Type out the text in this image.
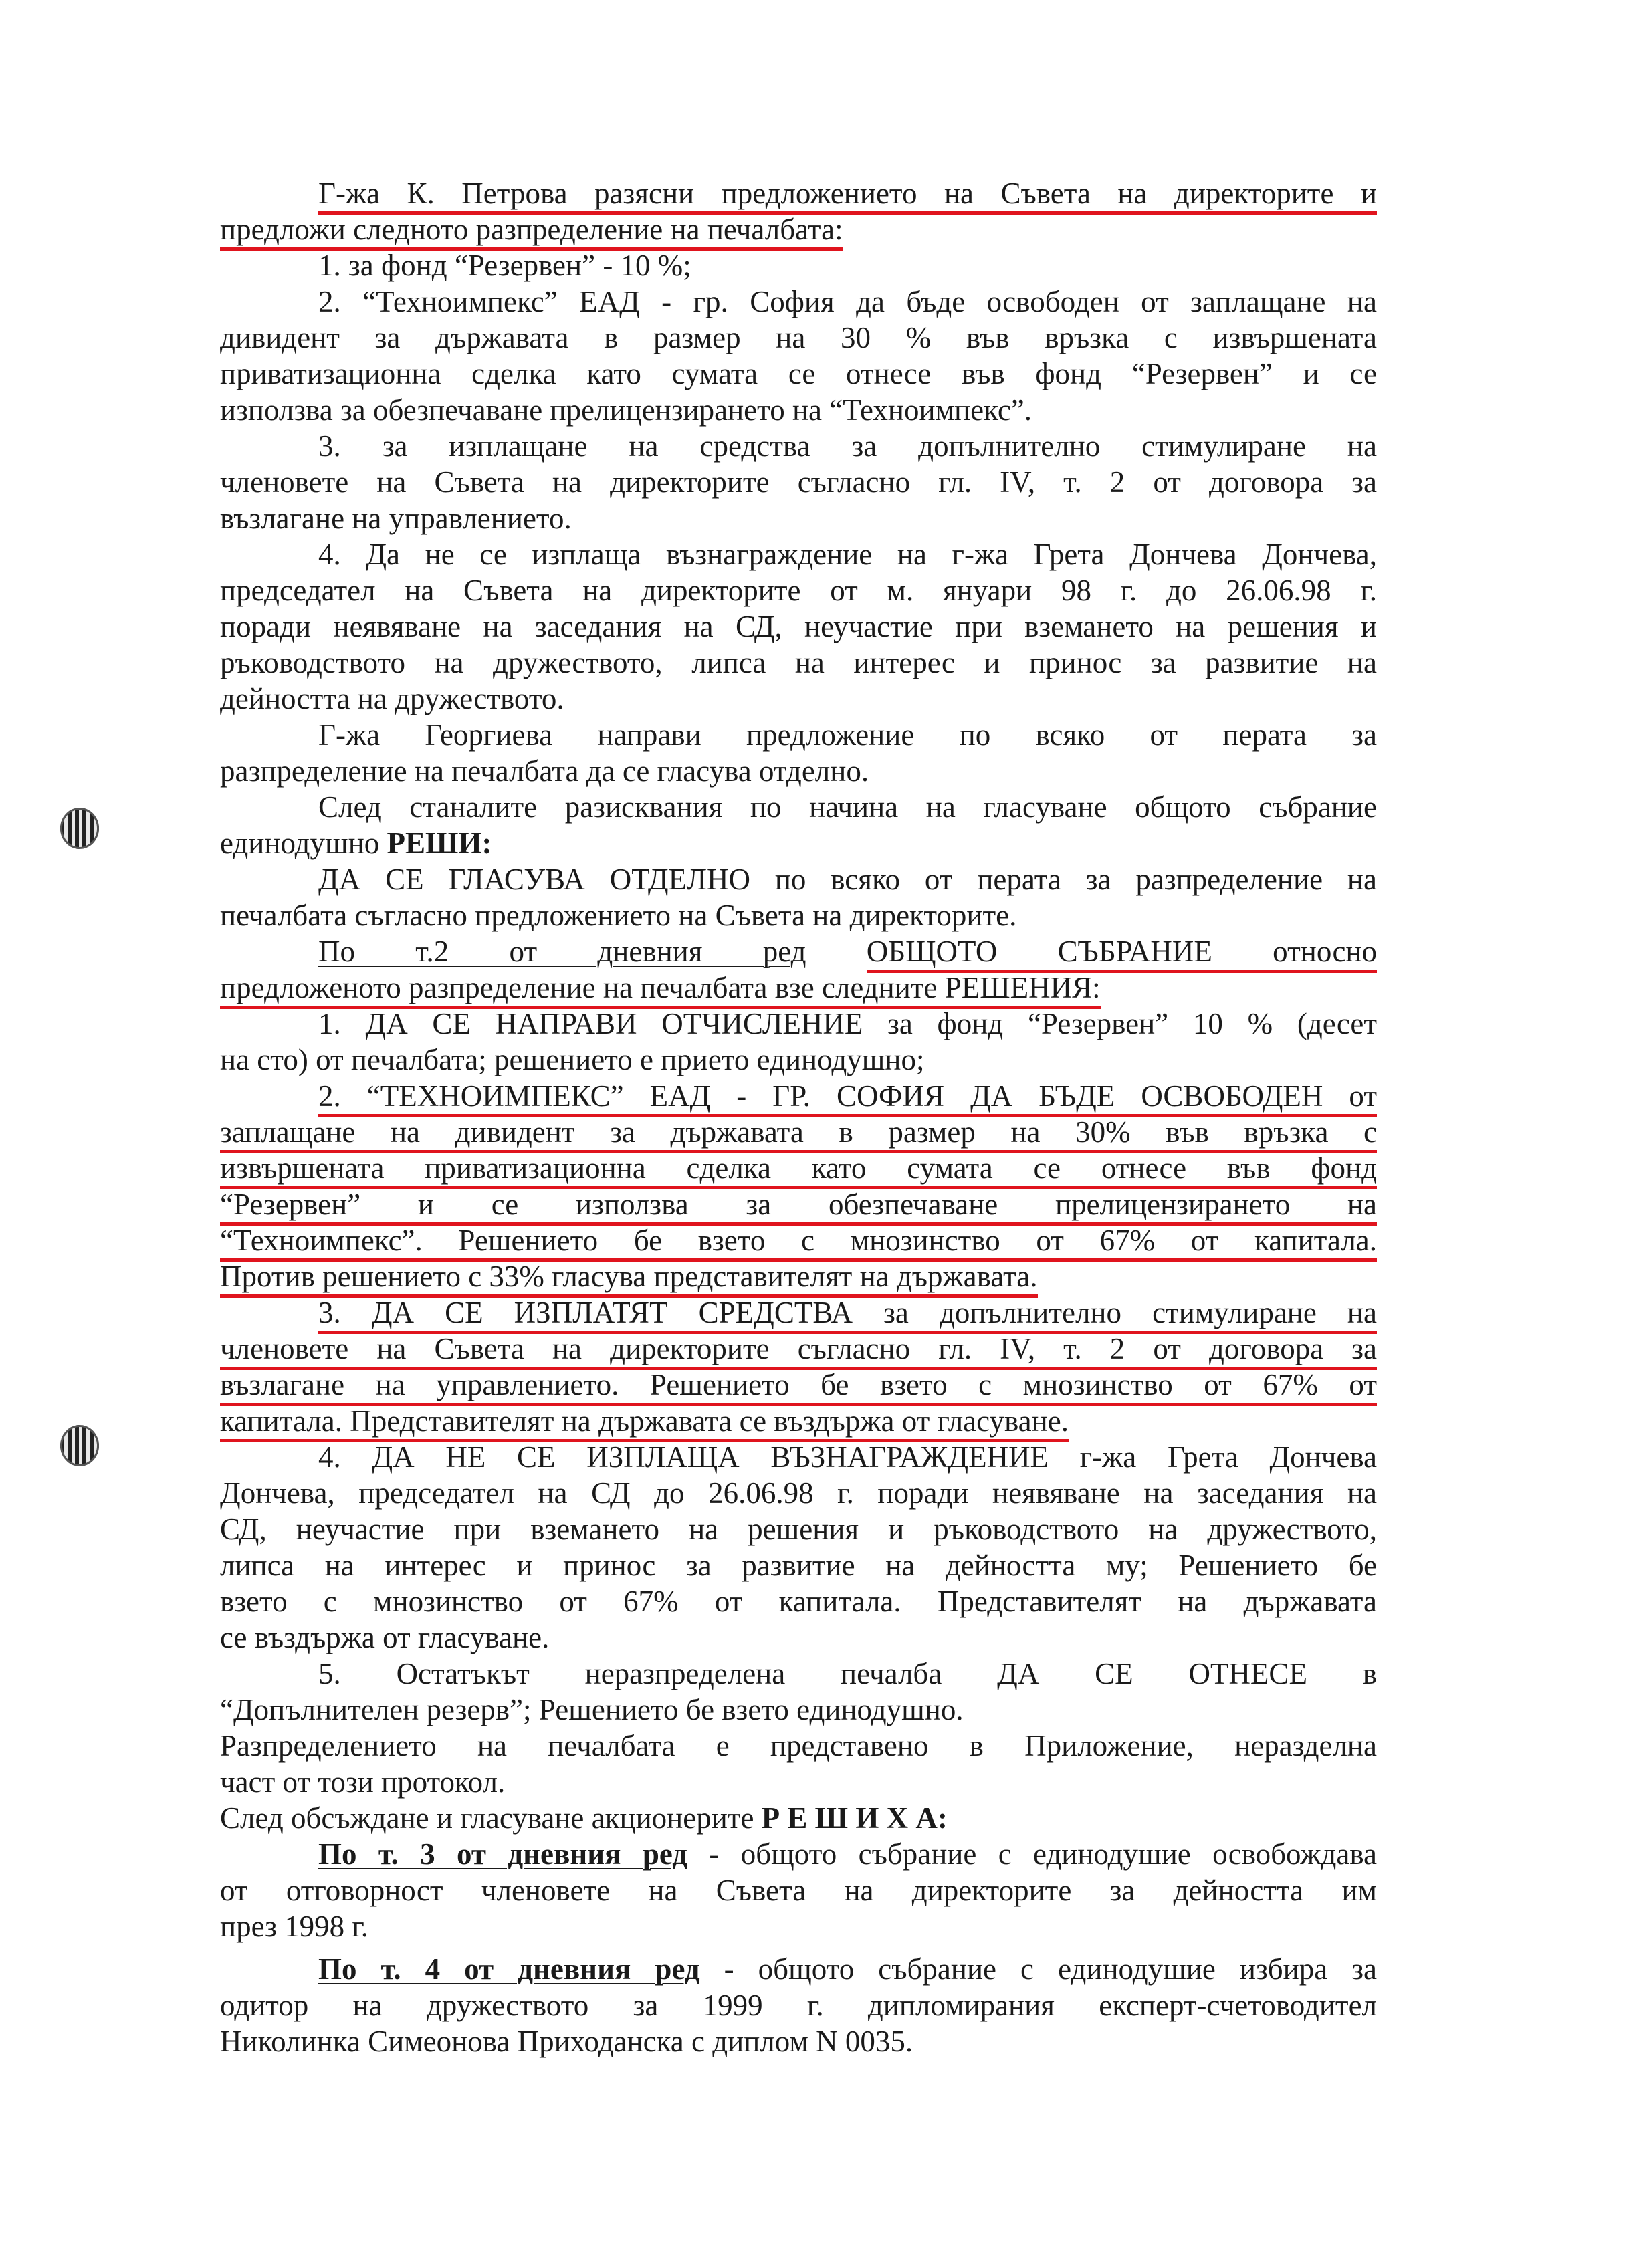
Г-жа К. Петрова разясни предложението на Съвета на директорите и
предложи следното разпределение на печалбата:
1. за фонд “Резервен” - 10 %;
2. “Техноимпекс” ЕАД - гр. София да бъде освободен от заплащане на
дивидент за държавата в размер на 30 % във връзка с извършената
приватизационна сделка като сумата се отнесе във фонд “Резервен” и се
използва за обезпечаване прелицензирането на “Техноимпекс”.
3. за изплащане на средства за допълнително стимулиране на
членовете на Съвета на директорите съгласно гл. IV, т. 2 от договора за
възлагане на управлението.
4. Да не се изплаща възнаграждение на г-жа Грета Дончева Дончева,
председател на Съвета на директорите от м. януари 98 г. до 26.06.98 г.
поради неявяване на заседания на СД, неучастие при вземането на решения и
ръководството на дружеството, липса на интерес и принос за развитие на
дейността на дружеството.
Г-жа Георгиева направи предложение по всяко от перата за
разпределение на печалбата да се гласува отделно.
След станалите разисквания по начина на гласуване общото събрание
единодушно РЕШИ:
ДА СЕ ГЛАСУВА ОТДЕЛНО по всяко от перата за разпределение на
печалбата съгласно предложението на Съвета на директорите.
По т.2 от дневния ред ОБЩОТО СЪБРАНИЕ относно
предложеното разпределение на печалбата взе следните РЕШЕНИЯ:
1. ДА СЕ НАПРАВИ ОТЧИСЛЕНИЕ за фонд “Резервен” 10 % (десет
на сто) от печалбата; решението е прието единодушно;
2. “ТЕХНОИМПЕКС” ЕАД - ГР. СОФИЯ ДА БЪДЕ ОСВОБОДЕН от
заплащане на дивидент за държавата в размер на 30% във връзка с
извършената приватизационна сделка като сумата се отнесе във фонд
“Резервен” и се използва за обезпечаване прелицензирането на
“Техноимпекс”. Решението бе взето с мнозинство от 67% от капитала.
Против решението с 33% гласува представителят на държавата.
3. ДА СЕ ИЗПЛАТЯТ СРЕДСТВА за допълнително стимулиране на
членовете на Съвета на директорите съгласно гл. IV, т. 2 от договора за
възлагане на управлението. Решението бе взето с мнозинство от 67% от
капитала. Представителят на държавата се въздържа от гласуване.
4. ДА НЕ СЕ ИЗПЛАЩА ВЪЗНАГРАЖДЕНИЕ г-жа Грета Дончева
Дончева, председател на СД до 26.06.98 г. поради неявяване на заседания на
СД, неучастие при вземането на решения и ръководството на дружеството,
липса на интерес и принос за развитие на дейността му; Решението бе
взето с мнозинство от 67% от капитала. Представителят на държавата
се въздържа от гласуване.
5. Остатъкът неразпределена печалба ДА СЕ ОТНЕСЕ в
“Допълнителен резерв”; Решението бе взето единодушно.
Разпределението на печалбата е представено в Приложение, неразделна
част от този протокол.
След обсъждане и гласуване акционерите Р Е Ш И Х А:
По т. 3 от дневния ред - общото събрание с единодушие освобождава
от отговорност членовете на Съвета на директорите за дейността им
през 1998 г.
По т. 4 от дневния ред - общото събрание с единодушие избира за
одитор на дружеството за 1999 г. дипломирания експерт-счетоводител
Николинка Симеонова Приходанска с диплом N 0035.
